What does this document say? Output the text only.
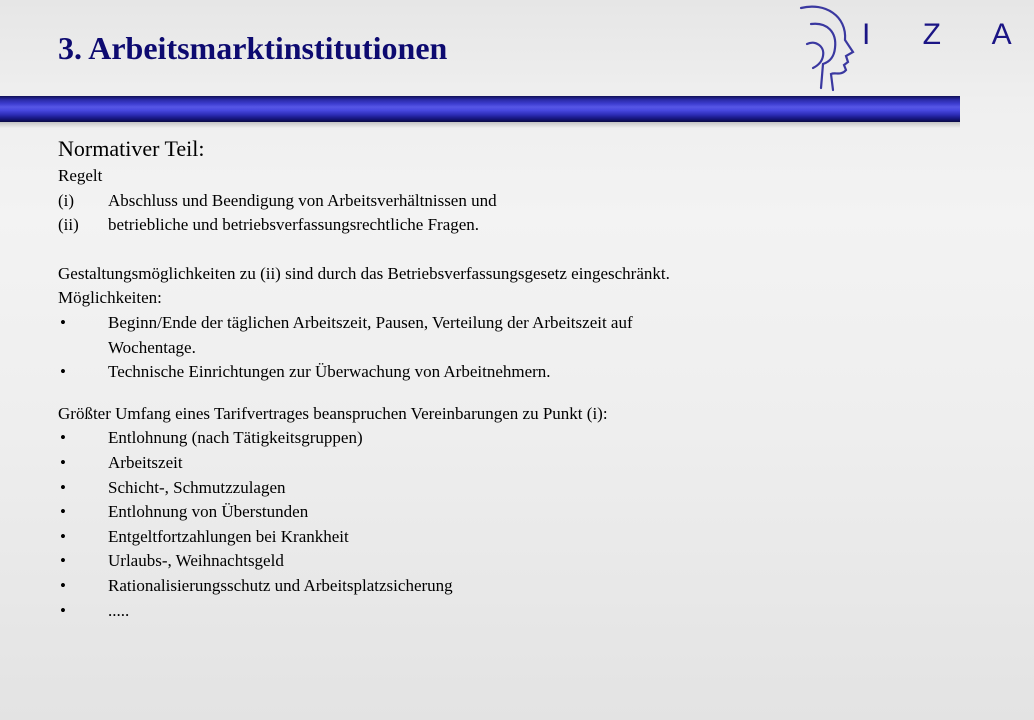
3. Arbeitsmarktinstitutionen	I Z A

Normativer Teil:

Regelt

(i)	Abschluss und Beendigung von Arbeitsverhältnissen und
(ii)	betriebliche und betriebsverfassungsrechtliche Fragen.

Gestaltungsmöglichkeiten zu (ii) sind durch das Betriebsverfassungsgesetz eingeschränkt.

Möglichkeiten:

•	Beginn/Ende der täglichen Arbeitszeit, Pausen, Verteilung der Arbeitszeit auf

Wochentage.

•	Technische Einrichtungen zur Überwachung von Arbeitnehmern.

Größter Umfang eines Tarifvertrages beanspruchen Vereinbarungen zu Punkt (i):

•	Entlohnung (nach Tätigkeitsgruppen)
•	Arbeitszeit
•	Schicht-, Schmutzzulagen
•	Entlohnung von Überstunden
•	Entgeltfortzahlungen bei Krankheit
•	Urlaubs-, Weihnachtsgeld
•	Rationalisierungsschutz und Arbeitsplatzsicherung
•	.....
